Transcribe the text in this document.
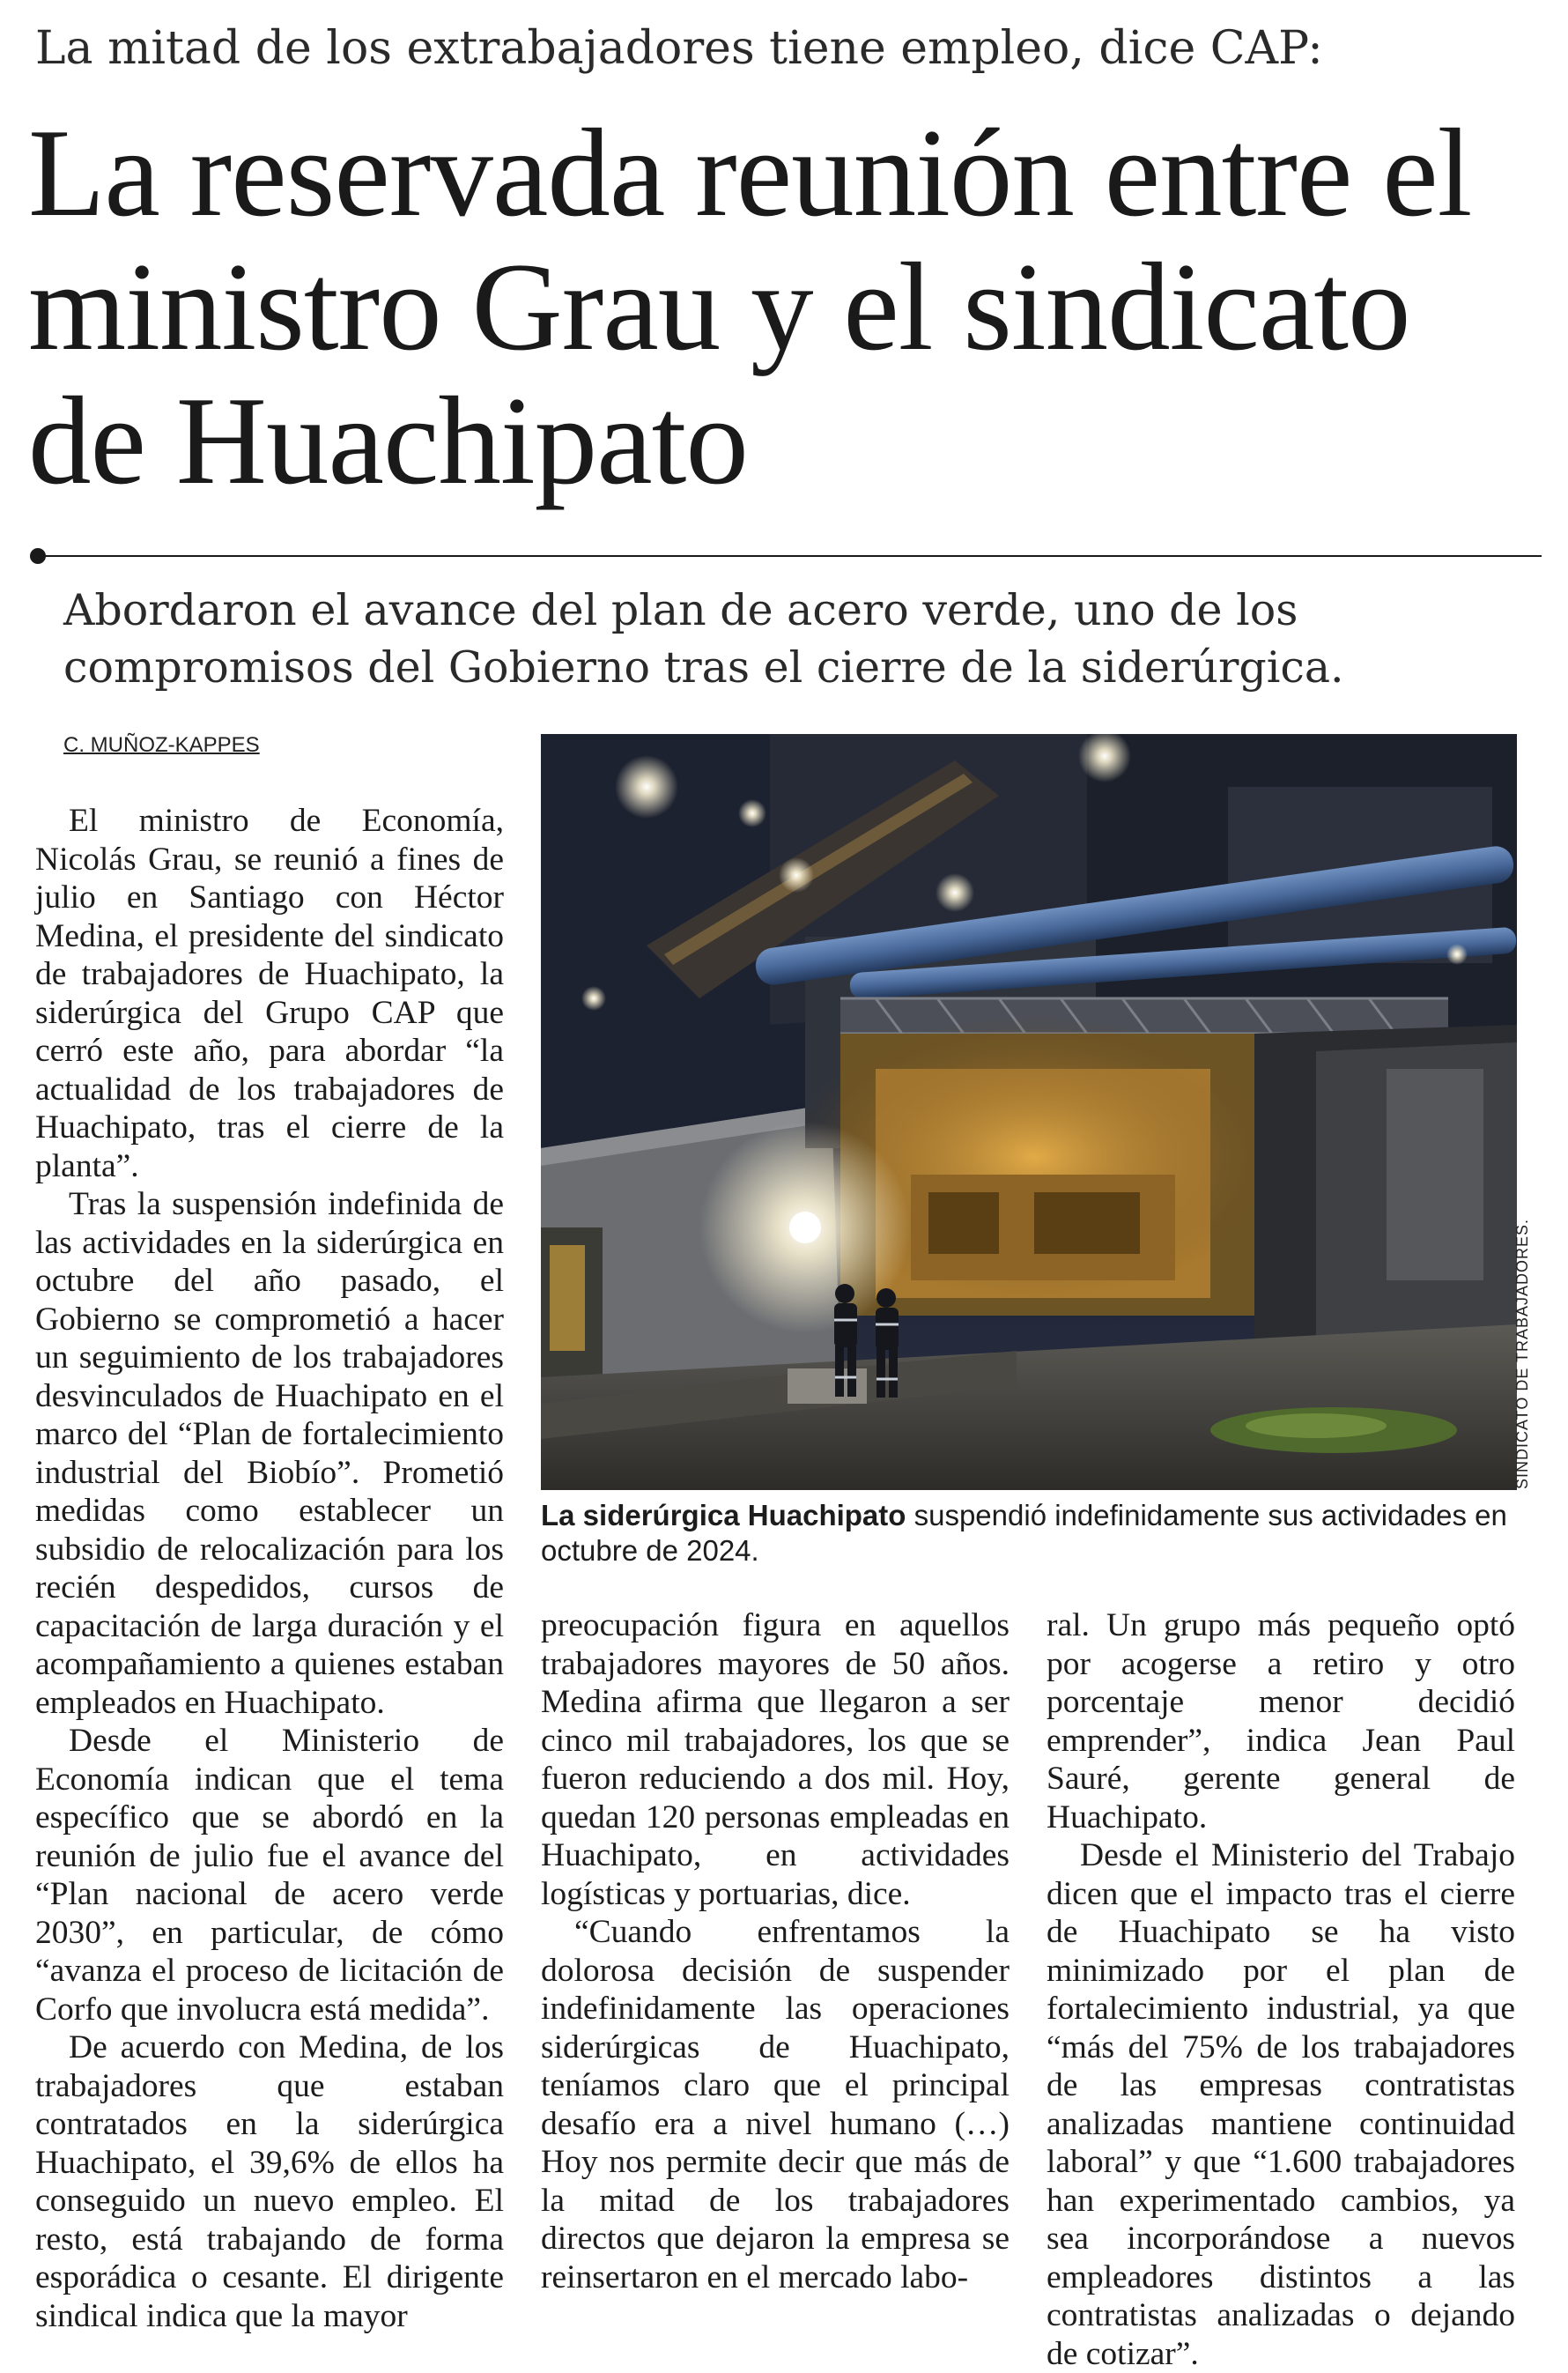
La mitad de los extrabajadores tiene empleo, dice CAP:
La reservada reunión entre el ministro Grau y el sindicato de Huachipato
Abordaron el avance del plan de acero verde, uno de los compromisos del Gobierno tras el cierre de la siderúrgica.
C. MUÑOZ-KAPPES

El ministro de Economía, Nicolás Grau, se reunió a fines de julio en Santiago con Héctor Medina, el presidente del sindicato de trabajadores de Huachipato, la siderúrgica del Grupo CAP que cerró este año, para abordar “la actualidad de los trabajadores de Huachipato, tras el cierre de la planta”.

Tras la suspensión indefinida de las actividades en la siderúrgica en octubre del año pasado, el Gobierno se comprometió a hacer un seguimiento de los trabajadores desvinculados de Huachipato en el marco del “Plan de fortalecimiento industrial del Biobío”. Prometió medidas como establecer un subsidio de relocalización para los recién despedidos, cursos de capacitación de larga duración y el acompañamiento a quienes estaban empleados en Huachipato.

Desde el Ministerio de Economía indican que el tema específico que se abordó en la reunión de julio fue el avance del “Plan nacional de acero verde 2030”, en particular, de cómo “avanza el proceso de licitación de Corfo que involucra está medida”.

De acuerdo con Medina, de los trabajadores que estaban contratados en la siderúrgica Huachipato, el 39,6% de ellos ha conseguido un nuevo empleo. El resto, está trabajando de forma esporádica o cesante. El dirigente sindical indica que la mayor

SINDICATO DE TRABAJADORES.
La siderúrgica Huachipato suspendió indefinidamente sus actividades en octubre de 2024.

preocupación figura en aquellos trabajadores mayores de 50 años. Medina afirma que llegaron a ser cinco mil trabajadores, los que se fueron reduciendo a dos mil. Hoy, quedan 120 personas empleadas en Huachipato, en actividades logísticas y portuarias, dice.

“Cuando enfrentamos la dolorosa decisión de suspender indefinidamente las operaciones siderúrgicas de Huachipato, teníamos claro que el principal desafío era a nivel humano (…) Hoy nos permite decir que más de la mitad de los trabajadores directos que dejaron la empresa se reinsertaron en el mercado labo-

ral. Un grupo más pequeño optó por acogerse a retiro y otro porcentaje menor decidió emprender”, indica Jean Paul Sauré, gerente general de Huachipato.

Desde el Ministerio del Trabajo dicen que el impacto tras el cierre de Huachipato se ha visto minimizado por el plan de fortalecimiento industrial, ya que “más del 75% de los trabajadores de las empresas contratistas analizadas mantiene continuidad laboral” y que “1.600 trabajadores han experimentado cambios, ya sea incorporándose a nuevos empleadores distintos a las contratistas analizadas o dejando de cotizar”.
